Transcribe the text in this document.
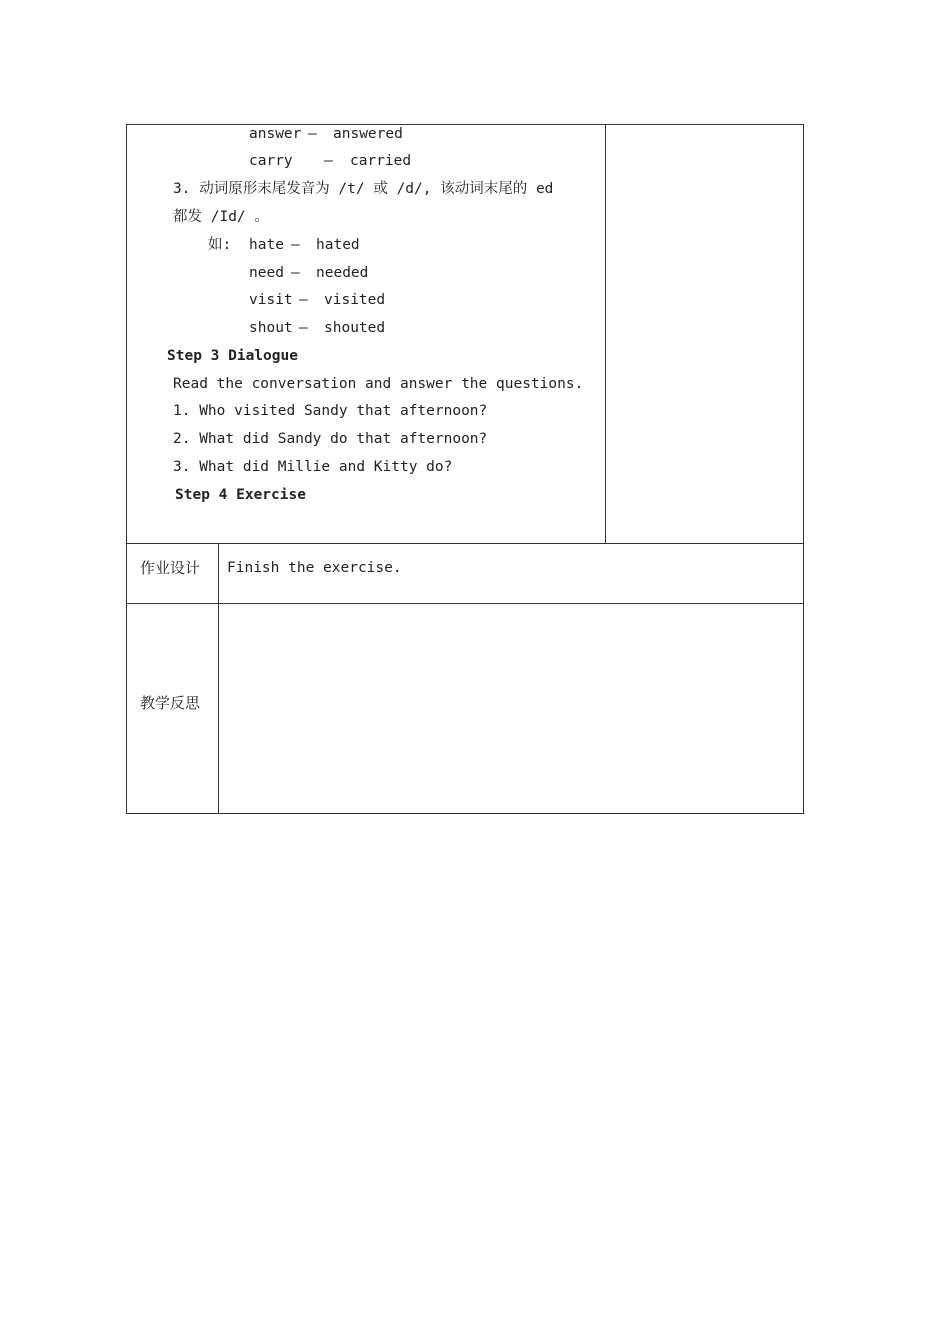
answer — answered
carry — carried
3. 动词原形末尾发音为 /t/ 或 /d/, 该动词末尾的 ed
都发 /Id/ 。
如: hate — hated
need — needed
visit — visited
shout — shouted
Step 3 Dialogue
Read the conversation and answer the questions.
1. Who visited Sandy that afternoon?
2. What did Sandy do that afternoon?
3. What did Millie and Kitty do?
Step 4 Exercise
作业设计 Finish the exercise.
教学反思
